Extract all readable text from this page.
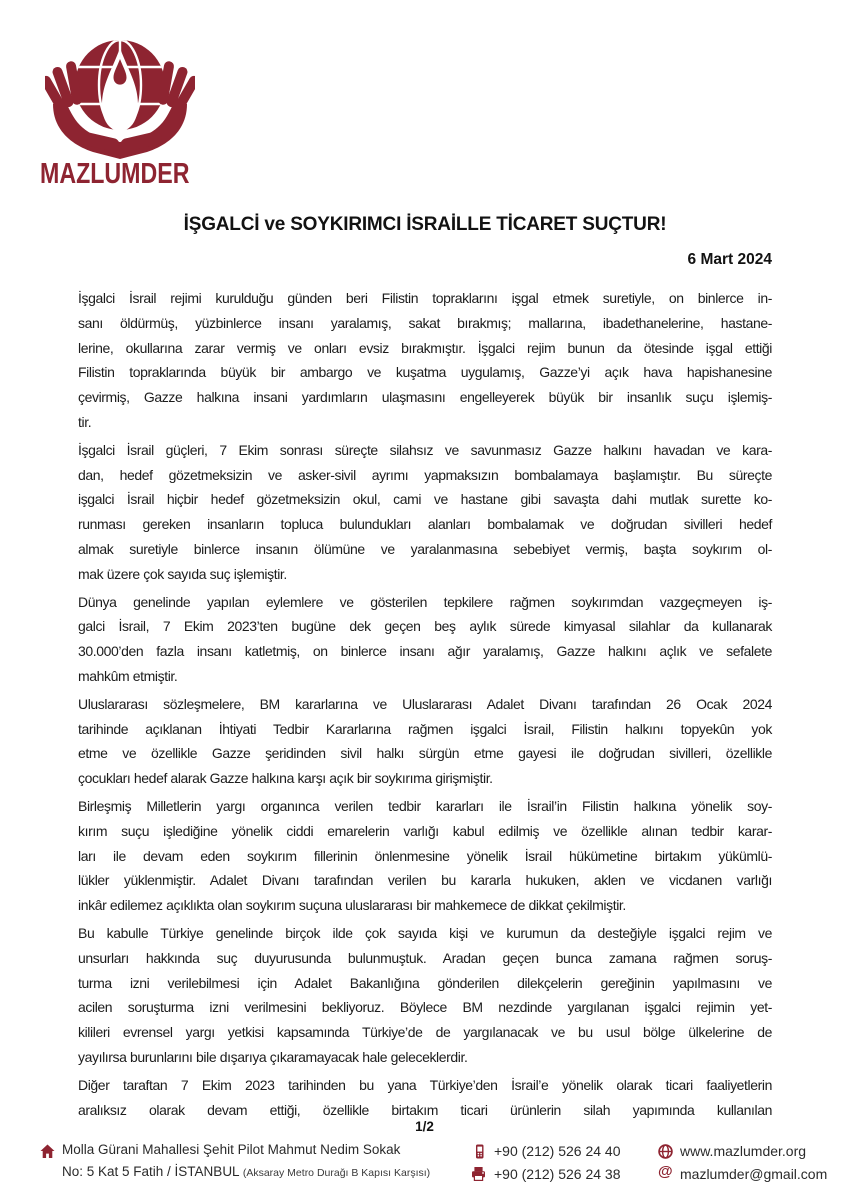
MAZLUMDER
İŞGALCİ ve SOYKIRIMCI İSRAİLLE TİCARET SUÇTUR!
6 Mart 2024
İşgalci İsrail rejimi kurulduğu günden beri Filistin topraklarını işgal etmek suretiyle, on binlerce in-
sanı öldürmüş, yüzbinlerce insanı yaralamış, sakat bırakmış; mallarına, ibadethanelerine, hastane-
lerine, okullarına zarar vermiş ve onları evsiz bırakmıştır. İşgalci rejim bunun da ötesinde işgal ettiği
Filistin topraklarında büyük bir ambargo ve kuşatma uygulamış, Gazze’yi açık hava hapishanesine
çevirmiş, Gazze halkına insani yardımların ulaşmasını engelleyerek büyük bir insanlık suçu işlemiş-
tir.
İşgalci İsrail güçleri, 7 Ekim sonrası süreçte silahsız ve savunmasız Gazze halkını havadan ve kara-
dan, hedef gözetmeksizin ve asker-sivil ayrımı yapmaksızın bombalamaya başlamıştır. Bu süreçte
işgalci İsrail hiçbir hedef gözetmeksizin okul, cami ve hastane gibi savaşta dahi mutlak surette ko-
runması gereken insanların topluca bulundukları alanları bombalamak ve doğrudan sivilleri hedef
almak suretiyle binlerce insanın ölümüne ve yaralanmasına sebebiyet vermiş, başta soykırım ol-
mak üzere çok sayıda suç işlemiştir.
Dünya genelinde yapılan eylemlere ve gösterilen tepkilere rağmen soykırımdan vazgeçmeyen iş-
galci İsrail, 7 Ekim 2023’ten bugüne dek geçen beş aylık sürede kimyasal silahlar da kullanarak
30.000’den fazla insanı katletmiş, on binlerce insanı ağır yaralamış, Gazze halkını açlık ve sefalete
mahkûm etmiştir.
Uluslararası sözleşmelere, BM kararlarına ve Uluslararası Adalet Divanı tarafından 26 Ocak 2024
tarihinde açıklanan İhtiyati Tedbir Kararlarına rağmen işgalci İsrail, Filistin halkını topyekûn yok
etme ve özellikle Gazze şeridinden sivil halkı sürgün etme gayesi ile doğrudan sivilleri, özellikle
çocukları hedef alarak Gazze halkına karşı açık bir soykırıma girişmiştir.
Birleşmiş Milletlerin yargı organınca verilen tedbir kararları ile İsrail’in Filistin halkına yönelik soy-
kırım suçu işlediğine yönelik ciddi emarelerin varlığı kabul edilmiş ve özellikle alınan tedbir karar-
ları ile devam eden soykırım fillerinin önlenmesine yönelik İsrail hükümetine birtakım yükümlü-
lükler yüklenmiştir. Adalet Divanı tarafından verilen bu kararla hukuken, aklen ve vicdanen varlığı
inkâr edilemez açıklıkta olan soykırım suçuna uluslararası bir mahkemece de dikkat çekilmiştir.
Bu kabulle Türkiye genelinde birçok ilde çok sayıda kişi ve kurumun da desteğiyle işgalci rejim ve
unsurları hakkında suç duyurusunda bulunmuştuk. Aradan geçen bunca zamana rağmen soruş-
turma izni verilebilmesi için Adalet Bakanlığına gönderilen dilekçelerin gereğinin yapılmasını ve
acilen soruşturma izni verilmesini bekliyoruz. Böylece BM nezdinde yargılanan işgalci rejimin yet-
kilileri evrensel yargı yetkisi kapsamında Türkiye’de de yargılanacak ve bu usul bölge ülkelerine de
yayılırsa burunlarını bile dışarıya çıkaramayacak hale geleceklerdir.
Diğer taraftan 7 Ekim 2023 tarihinden bu yana Türkiye’den İsrail’e yönelik olarak ticari faaliyetlerin
aralıksız olarak devam ettiği, özellikle birtakım ticari ürünlerin silah yapımında kullanılan
1/2
Molla Gürani Mahallesi Şehit Pilot Mahmut Nedim Sokak
No: 5 Kat 5 Fatih / İSTANBUL (Aksaray Metro Durağı B Kapısı Karşısı)
+90 (212) 526 24 40
+90 (212) 526 24 38
www.mazlumder.org
@ mazlumder@gmail.com
